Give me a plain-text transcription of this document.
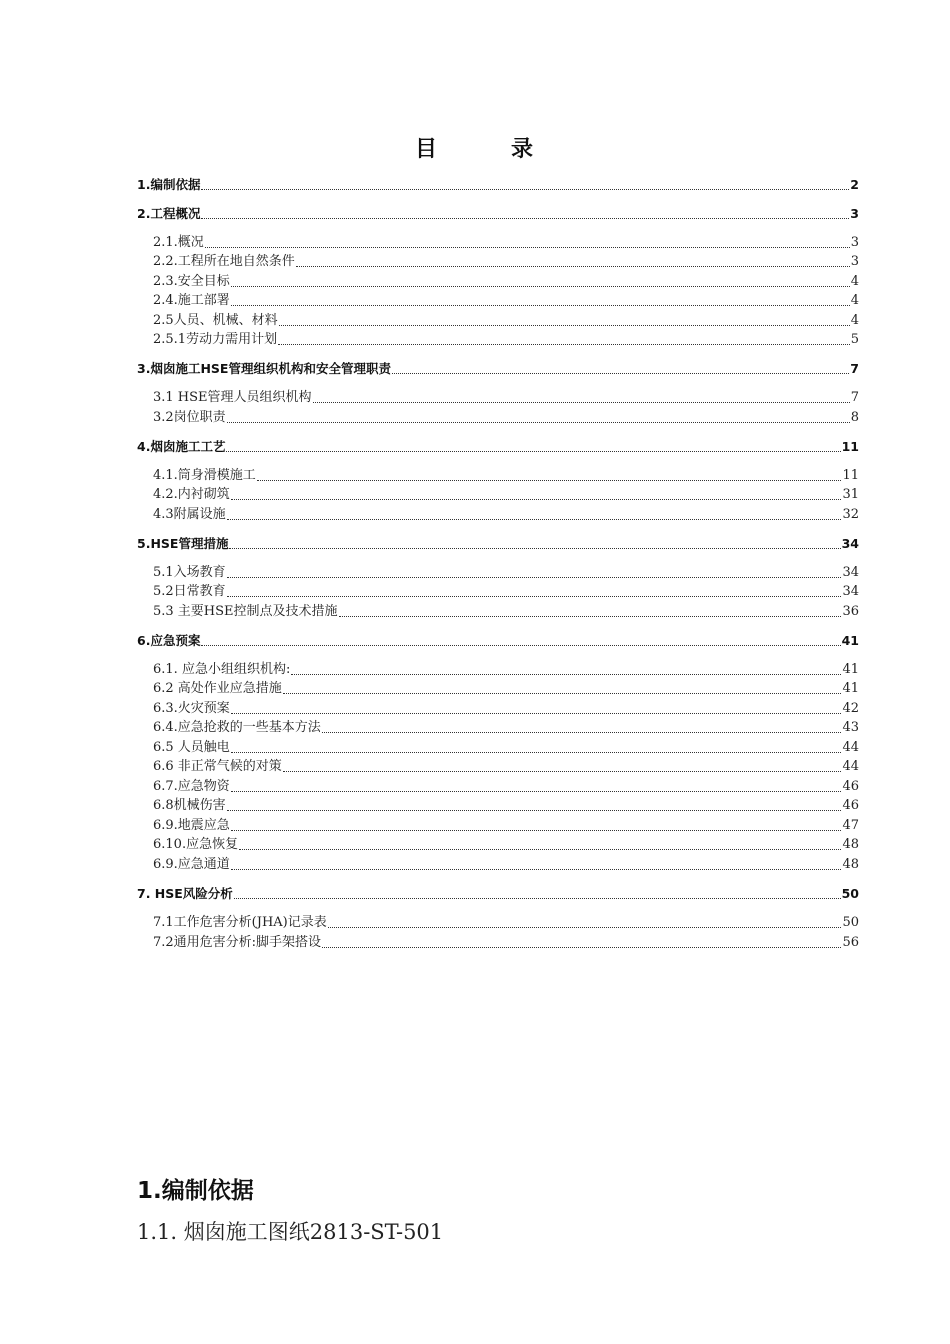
目	录
1.编制依据	2
2.工程概况	3
2.1.概况	3
2.2.工程所在地自然条件	3
2.3.安全目标	4
2.4.施工部署	4
2.5人员、机械、材料	4
2.5.1劳动力需用计划	5
3.烟囱施工HSE管理组织机构和安全管理职责	7
3.1 HSE管理人员组织机构	7
3.2岗位职责	8
4.烟囱施工工艺	11
4.1.筒身滑模施工	11
4.2.内衬砌筑	31
4.3附属设施	32
5.HSE管理措施	34
5.1入场教育	34
5.2日常教育	34
5.3 主要HSE控制点及技术措施	36
6.应急预案	41
6.1. 应急小组组织机构:	41
6.2 高处作业应急措施	41
6.3.火灾预案	42
6.4.应急抢救的一些基本方法	43
6.5 人员触电	44
6.6 非正常气候的对策	44
6.7.应急物资	46
6.8机械伤害	46
6.9.地震应急	47
6.10.应急恢复	48
6.9.应急通道	48
7. HSE风险分析	50
7.1工作危害分析(JHA)记录表	50
7.2通用危害分析:脚手架搭设	56
1.编制依据
1.1. 烟囱施工图纸2813-ST-501
